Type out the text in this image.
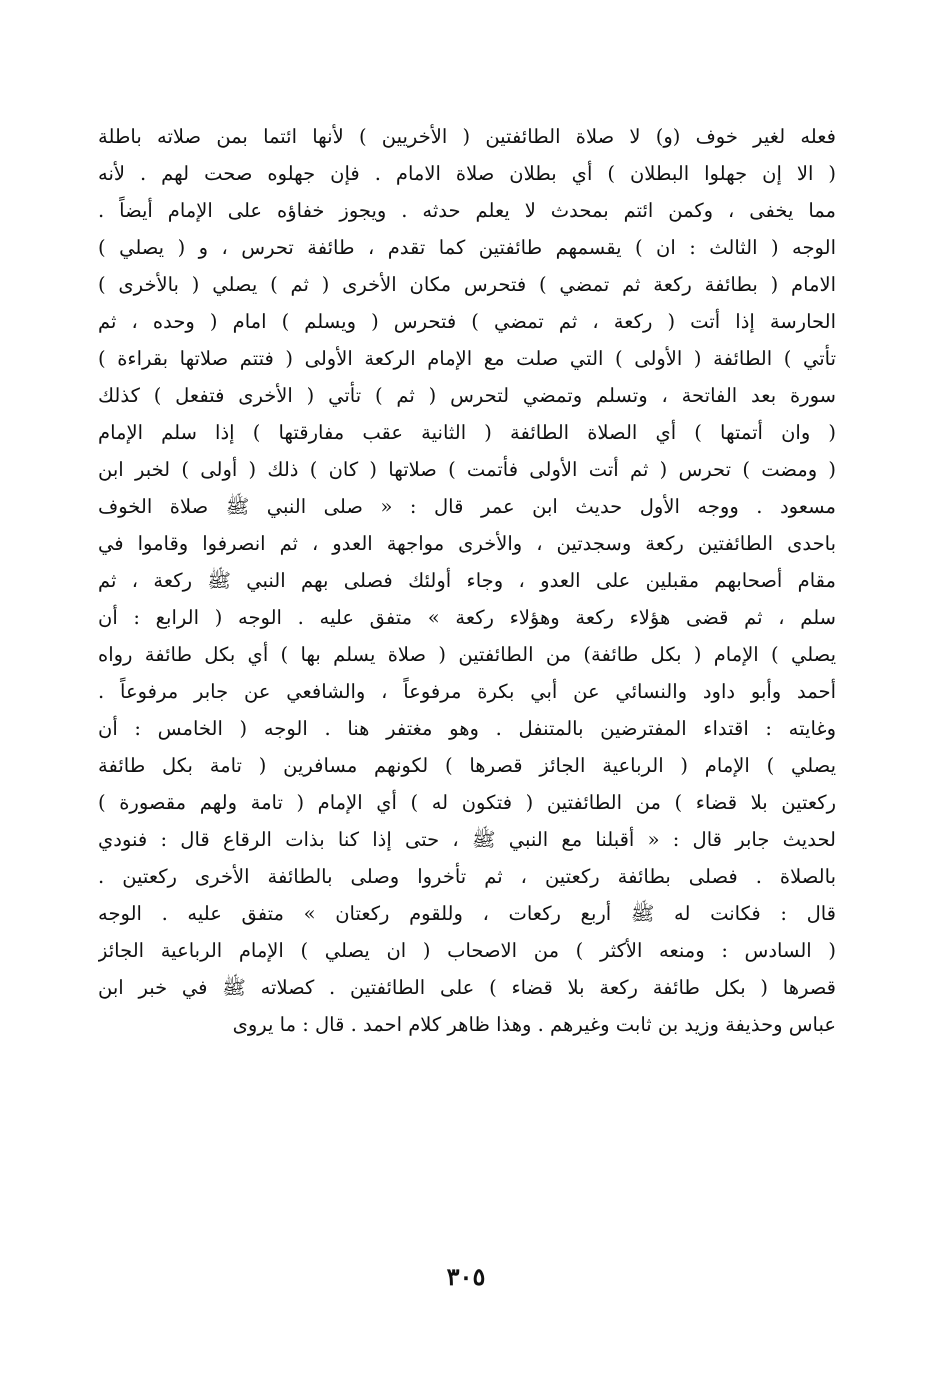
فعله لغير خوف (و) لا صلاة الطائفتين ( الأخريين ) لأنها ائتما بمن صلاته باطلة
( الا إن جهلوا البطلان ) أي بطلان صلاة الامام . فإن جهلوه صحت لهم . لأنه
مما يخفى ، وكمن ائتم بمحدث لا يعلم حدثه . ويجوز خفاؤه على الإمام أيضاً .
الوجه ( الثالث : ان ) يقسمهم طائفتين كما تقدم ، طائفة تحرس ، و ( يصلي )
الامام ( بطائفة ركعة ثم تمضي ) فتحرس مكان الأخرى ( ثم ) يصلي ( بالأخرى )
الحارسة إذا أتت ( ركعة ، ثم تمضي ) فتحرس ( ويسلم ) امام ( وحده ، ثم
تأتي ) الطائفة ( الأولى ) التي صلت مع الإمام الركعة الأولى ( فتتم صلاتها بقراءة )
سورة بعد الفاتحة ، وتسلم وتمضي لتحرس ( ثم ) تأتي ( الأخرى فتفعل ) كذلك
( وان أتمتها ) أي الصلاة الطائفة ( الثانية عقب مفارقتها ) إذا سلم الإمام
( ومضت ) تحرس ( ثم أتت الأولى فأتمت ) صلاتها ( كان ) ذلك ( أولى ) لخبر ابن
مسعود . ووجه الأول حديث ابن عمر قال : « صلى النبي ﷺ صلاة الخوف
باحدى الطائفتين ركعة وسجدتين ، والأخرى مواجهة العدو ، ثم انصرفوا وقاموا في
مقام أصحابهم مقبلين على العدو ، وجاء أولئك فصلى بهم النبي ﷺ ركعة ، ثم
سلم ، ثم قضى هؤلاء ركعة وهؤلاء ركعة » متفق عليه . الوجه ( الرابع : أن
يصلي ) الإمام ( بكل طائفة) من الطائفتين ( صلاة يسلم بها ) أي بكل طائفة رواه
أحمد وأبو داود والنسائي عن أبي بكرة مرفوعاً ، والشافعي عن جابر مرفوعاً .
وغايته : اقتداء المفترضين بالمتنفل . وهو مغتفر هنا . الوجه ( الخامس : أن
يصلي ) الإمام ( الرباعية الجائز قصرها ) لكونهم مسافرين ( تامة بكل طائفة
ركعتين بلا قضاء ) من الطائفتين ( فتكون له ) أي الإمام ( تامة ولهم مقصورة )
لحديث جابر قال : « أقبلنا مع النبي ﷺ ، حتى إذا كنا بذات الرقاع قال : فنودي
بالصلاة . فصلى بطائفة ركعتين ، ثم تأخروا وصلى بالطائفة الأخرى ركعتين .
قال : فكانت له ﷺ أربع ركعات ، وللقوم ركعتان » متفق عليه . الوجه
( السادس : ومنعه الأكثر ) من الاصحاب ( ان يصلي ) الإمام الرباعية الجائز
قصرها ( بكل طائفة ركعة بلا قضاء ) على الطائفتين . كصلاته ﷺ في خبر ابن
عباس وحذيفة وزيد بن ثابت وغيرهم . وهذا ظاهر كلام احمد . قال : ما يروى
٣٠٥
